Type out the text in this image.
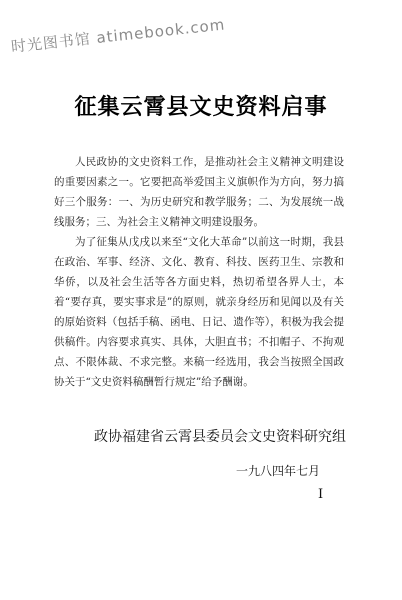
时光图书馆 atimebook.com
征集云霄县文史资料启事

人民政协的文史资料工作，是推动社会主义精神文明建设的重要因素之一。它要把高举爱国主义旗帜作为方向，努力搞好三个服务：一、为历史研究和教学服务；二、为发展统一战线服务；三、为社会主义精神文明建设服务。

为了征集从戊戌以来至“文化大革命”以前这一时期，我县在政治、军事、经济、文化、教育、科技、医药卫生、宗教和华侨，以及社会生活等各方面史料，热切希望各界人士，本着“要存真，要实事求是”的原则，就亲身经历和见闻以及有关的原始资料（包括手稿、函电、日记、遗作等），积极为我会提供稿件。内容要求真实、具体，大胆直书；不扣帽子、不拘观点、不限体裁、不求完整。来稿一经选用，我会当按照全国政协关于“文史资料稿酬暂行规定”给予酬谢。

政协福建省云霄县委员会文史资料研究组
一九八四年七月
I
